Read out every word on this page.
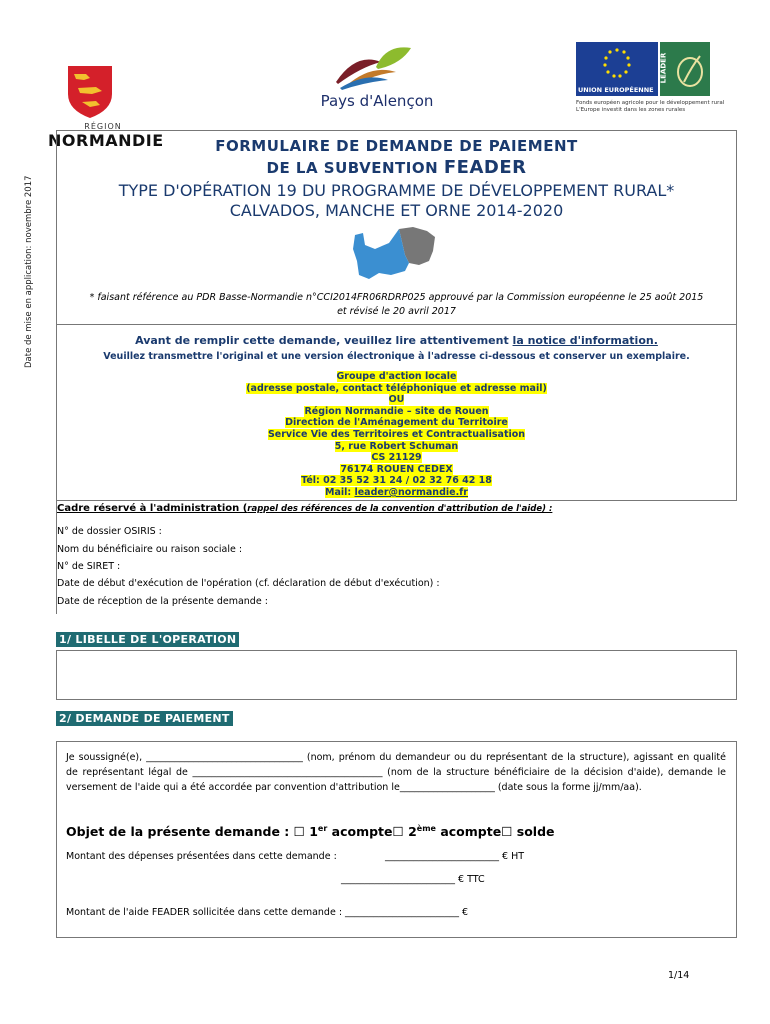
Date de mise en application: novembre 2017
RÉGION
NORMANDIE
Pays d'Alençon
UNION EUROPÉENNE
LEADER
Fonds européen agricole pour le développement rural
L'Europe investit dans les zones rurales
FORMULAIRE DE DEMANDE DE PAIEMENT
DE LA SUBVENTION FEADER
TYPE D'OPÉRATION 19 DU PROGRAMME DE DÉVELOPPEMENT RURAL*
CALVADOS, MANCHE ET ORNE 2014-2020
* faisant référence au PDR Basse-Normandie n°CCI2014FR06RDRP025 approuvé par la Commission européenne le 25 août 2015
et révisé le 20 avril 2017
Avant de remplir cette demande, veuillez lire attentivement la notice d'information.
Veuillez transmettre l'original et une version électronique à l'adresse ci-dessous et conserver un exemplaire.
Groupe d'action locale
(adresse postale, contact téléphonique et adresse mail)
OU
Région Normandie – site de Rouen
Direction de l'Aménagement du Territoire
Service Vie des Territoires et Contractualisation
5, rue Robert Schuman
CS 21129
76174 ROUEN CEDEX
Tél: 02 35 52 31 24 / 02 32 76 42 18
Mail: leader@normandie.fr
Cadre réservé à l'administration (rappel des références de la convention d'attribution de l'aide) :
N° de dossier OSIRIS :
Nom du bénéficiaire ou raison sociale :
N° de SIRET :
Date de début d'exécution de l'opération (cf. déclaration de début d'exécution) :
Date de réception de la présente demande :
1/ LIBELLE DE L'OPERATION
2/ DEMANDE DE PAIEMENT
Je soussigné(e), _________________________________ (nom, prénom du demandeur ou du représentant de la structure), agissant en qualité de représentant légal de ________________________________________ (nom de la structure bénéficiaire de la décision d'aide), demande le versement de l'aide qui a été accordée par convention d'attribution le____________________ (date sous la forme jj/mm/aa).
Objet de la présente demande : ☐ 1er acompte☐ 2ème acompte☐ solde
Montant des dépenses présentées dans cette demande :	________________________ € HT
________________________ € TTC
Montant de l'aide FEADER sollicitée dans cette demande : ________________________ €
1/14
